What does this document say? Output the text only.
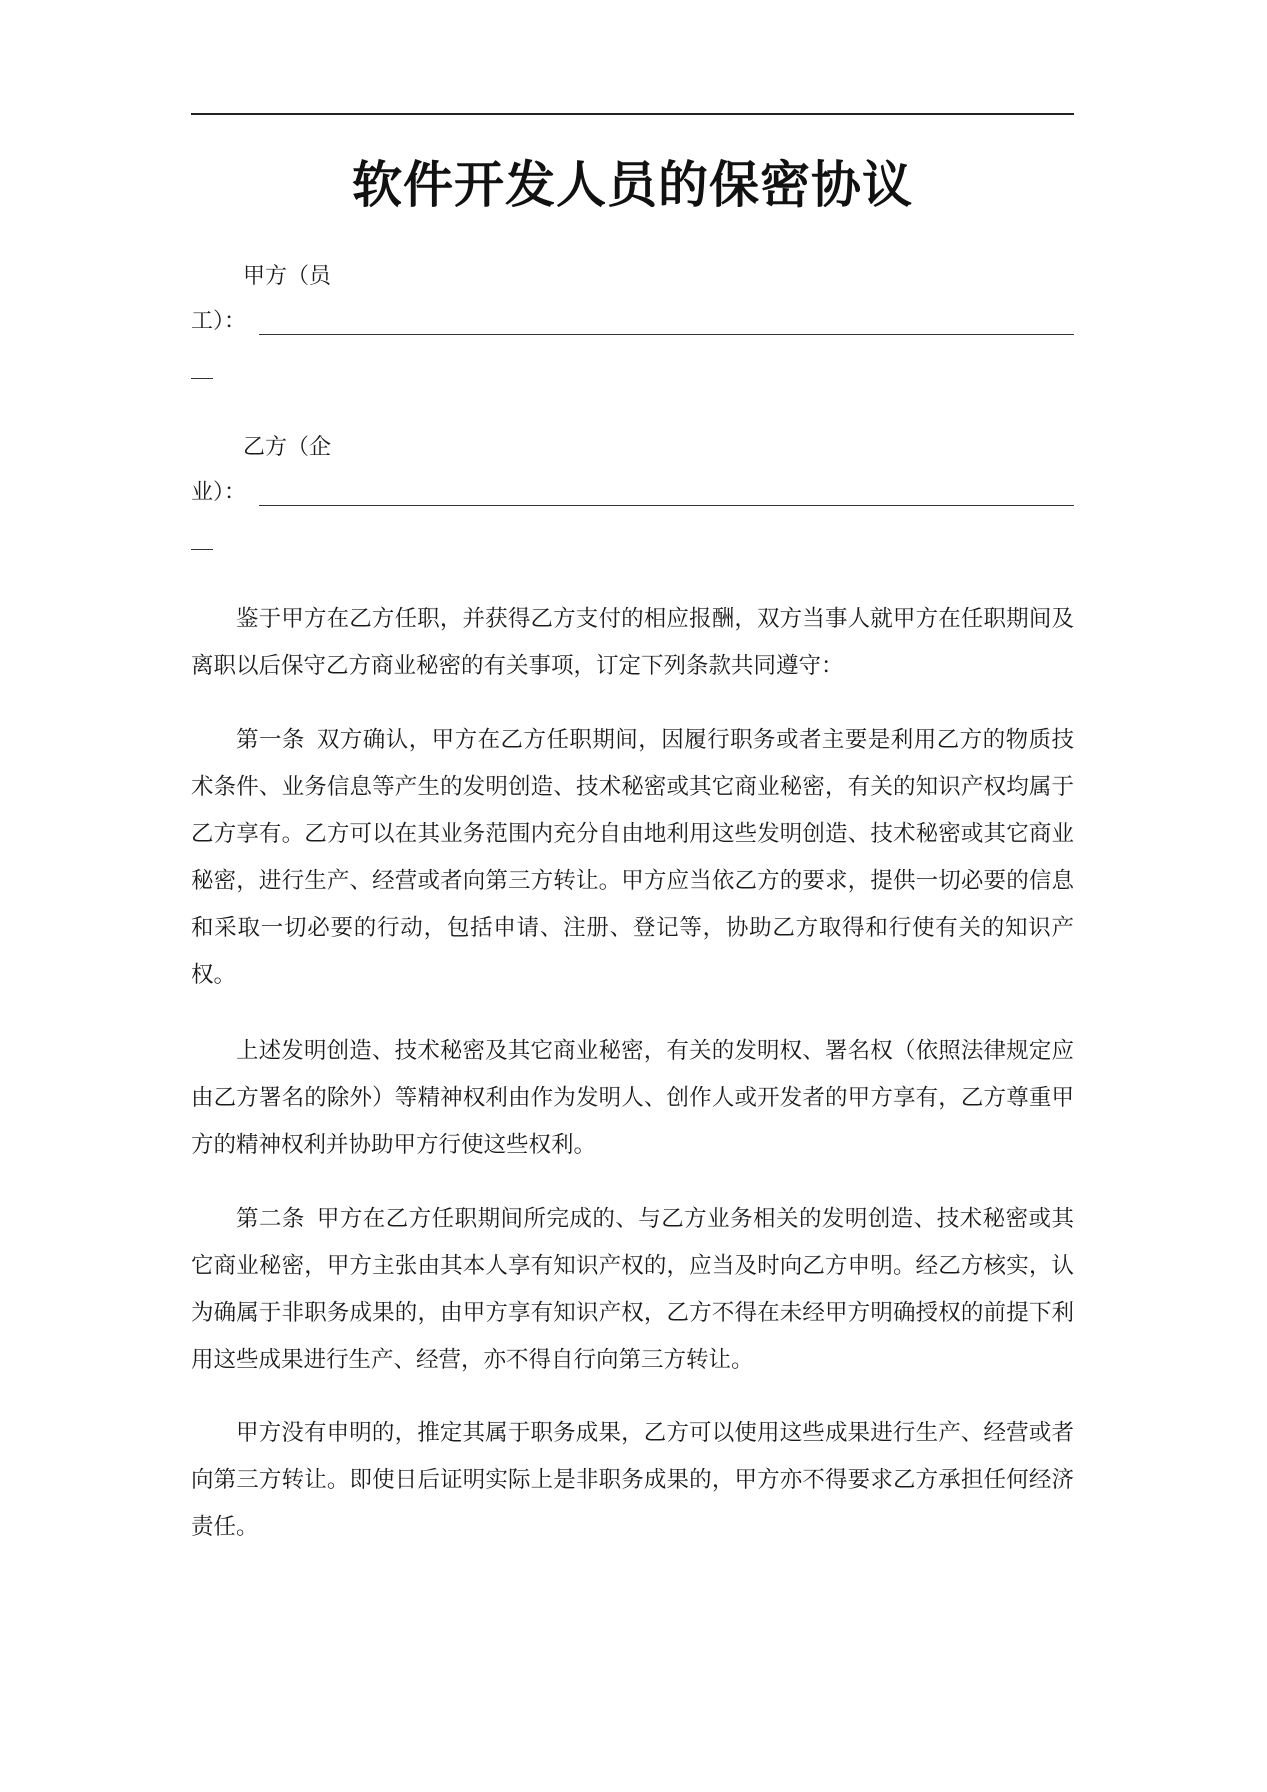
软件开发人员的保密协议
甲方（员
工）：
乙方（企
业）：

鉴于甲方在乙方任职，并获得乙方支付的相应报酬，双方当事人就甲方在任职期间及离职以后保守乙方商业秘密的有关事项，订定下列条款共同遵守：

第一条 双方确认，甲方在乙方任职期间，因履行职务或者主要是利用乙方的物质技术条件、业务信息等产生的发明创造、技术秘密或其它商业秘密，有关的知识产权均属于乙方享有。乙方可以在其业务范围内充分自由地利用这些发明创造、技术秘密或其它商业秘密，进行生产、经营或者向第三方转让。甲方应当依乙方的要求，提供一切必要的信息和采取一切必要的行动，包括申请、注册、登记等，协助乙方取得和行使有关的知识产权。

上述发明创造、技术秘密及其它商业秘密，有关的发明权、署名权（依照法律规定应由乙方署名的除外）等精神权利由作为发明人、创作人或开发者的甲方享有，乙方尊重甲方的精神权利并协助甲方行使这些权利。

第二条 甲方在乙方任职期间所完成的、与乙方业务相关的发明创造、技术秘密或其它商业秘密，甲方主张由其本人享有知识产权的，应当及时向乙方申明。经乙方核实，认为确属于非职务成果的，由甲方享有知识产权，乙方不得在未经甲方明确授权的前提下利用这些成果进行生产、经营，亦不得自行向第三方转让。

甲方没有申明的，推定其属于职务成果，乙方可以使用这些成果进行生产、经营或者向第三方转让。即使日后证明实际上是非职务成果的，甲方亦不得要求乙方承担任何经济责任。
